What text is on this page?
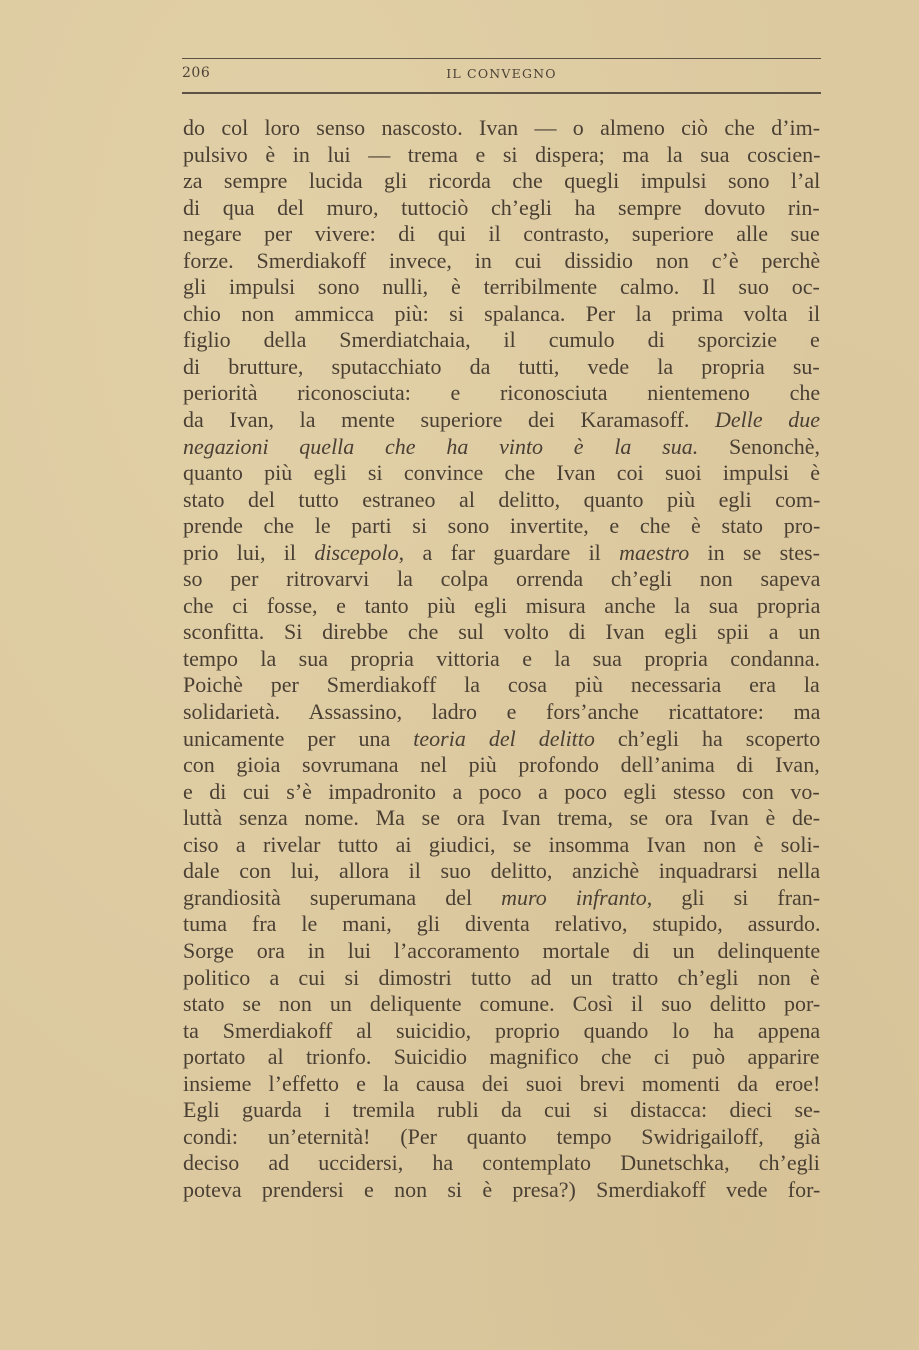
206	IL CONVEGNO
do col loro senso nascosto. Ivan — o almeno ciò che d’im-
pulsivo è in lui — trema e si dispera; ma la sua coscien-
za sempre lucida gli ricorda che quegli impulsi sono l’al
di qua del muro, tuttociò ch’egli ha sempre dovuto rin-
negare per vivere: di qui il contrasto, superiore alle sue
forze. Smerdiakoff invece, in cui dissidio non c’è perchè
gli impulsi sono nulli, è terribilmente calmo. Il suo oc-
chio non ammicca più: si spalanca. Per la prima volta il
figlio della Smerdiatchaia, il cumulo di sporcizie e
di brutture, sputacchiato da tutti, vede la propria su-
periorità riconosciuta: e riconosciuta nientemeno che
da Ivan, la mente superiore dei Karamasoff. Delle due
negazioni quella che ha vinto è la sua. Senonchè,
quanto più egli si convince che Ivan coi suoi impulsi è
stato del tutto estraneo al delitto, quanto più egli com-
prende che le parti si sono invertite, e che è stato pro-
prio lui, il discepolo, a far guardare il maestro in se stes-
so per ritrovarvi la colpa orrenda ch’egli non sapeva
che ci fosse, e tanto più egli misura anche la sua propria
sconfitta. Si direbbe che sul volto di Ivan egli spii a un
tempo la sua propria vittoria e la sua propria condanna.
Poichè per Smerdiakoff la cosa più necessaria era la
solidarietà. Assassino, ladro e fors’anche ricattatore: ma
unicamente per una teoria del delitto ch’egli ha scoperto
con gioia sovrumana nel più profondo dell’anima di Ivan,
e di cui s’è impadronito a poco a poco egli stesso con vo-
luttà senza nome. Ma se ora Ivan trema, se ora Ivan è de-
ciso a rivelar tutto ai giudici, se insomma Ivan non è soli-
dale con lui, allora il suo delitto, anzichè inquadrarsi nella
grandiosità superumana del muro infranto, gli si fran-
tuma fra le mani, gli diventa relativo, stupido, assurdo.
Sorge ora in lui l’accoramento mortale di un delinquente
politico a cui si dimostri tutto ad un tratto ch’egli non è
stato se non un deliquente comune. Così il suo delitto por-
ta Smerdiakoff al suicidio, proprio quando lo ha appena
portato al trionfo. Suicidio magnifico che ci può apparire
insieme l’effetto e la causa dei suoi brevi momenti da eroe!
Egli guarda i tremila rubli da cui si distacca: dieci se-
condi: un’eternità! (Per quanto tempo Swidrigailoff, già
deciso ad uccidersi, ha contemplato Dunetschka, ch’egli
poteva prendersi e non si è presa?) Smerdiakoff vede for-
